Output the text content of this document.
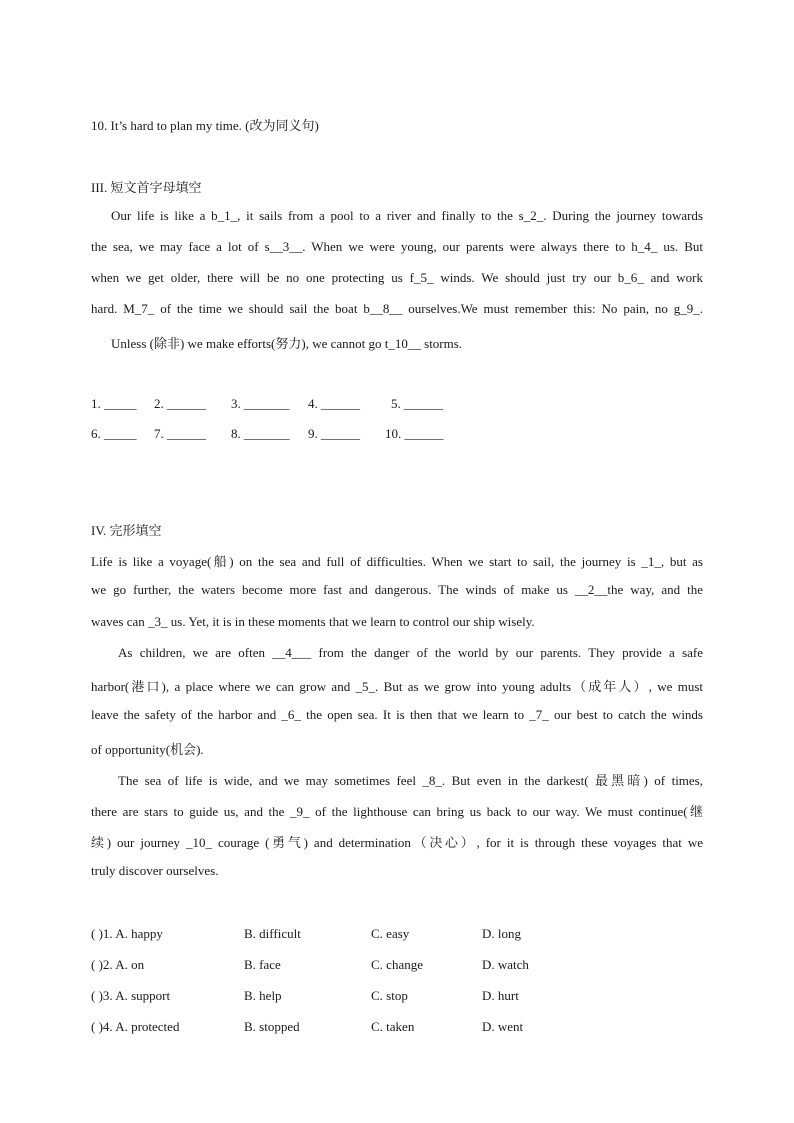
10. It’s hard to plan my time. (改为同义句)
III. 短文首字母填空
Our life is like a b_1_, it sails from a pool to a river and finally to the s_2_. During the journey towards
the sea, we may face a lot of s__3__. When we were young, our parents were always there to h_4_ us. But
when we get older, there will be no one protecting us f_5_ winds. We should just try our b_6_ and work
hard. M_7_ of the time we should sail the boat b__8__ ourselves.We must remember this: No pain, no g_9_.
Unless (除非) we make efforts(努力), we cannot go t_10__ storms.
1. _____ 2. ______ 3. _______ 4. ______ 5. ______
6. _____ 7. ______ 8. _______ 9. ______ 10. ______
IV. 完形填空
Life is like a voyage(船) on the sea and full of difficulties. When we start to sail, the journey is _1_, but as
we go further, the waters become more fast and dangerous. The winds of make us __2__the way, and the
waves can _3_ us. Yet, it is in these moments that we learn to control our ship wisely.
As children, we are often __4___ from the danger of the world by our parents. They provide a safe
harbor(港口), a place where we can grow and _5_. But as we grow into young adults（成年人）, we must
leave the safety of the harbor and _6_ the open sea. It is then that we learn to _7_ our best to catch the winds
of opportunity(机会).
The sea of life is wide, and we may sometimes feel _8_. But even in the darkest( 最黑暗) of times,
there are stars to guide us, and the _9_ of the lighthouse can bring us back to our way. We must continue(继
续) our journey _10_ courage (勇气) and determination（决心）, for it is through these voyages that we
truly discover ourselves.
( )1. A. happy	B. difficult	C. easy	D. long
( )2. A. on	B. face	C. change	D. watch
( )3. A. support	B. help	C. stop	D. hurt
( )4. A. protected	B. stopped	C. taken	D. went
